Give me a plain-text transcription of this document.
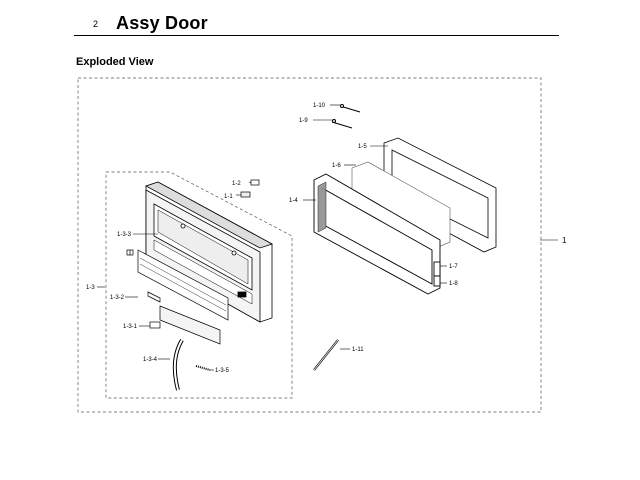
2 Assy Door
Exploded View
1
1-2
1-1
1-3-3
1-3
1-3-2
1-3-1
1-3-4
1-3-5
1-10
1-9
1-5
1-6
1-4
1-7
1-8
1-11
